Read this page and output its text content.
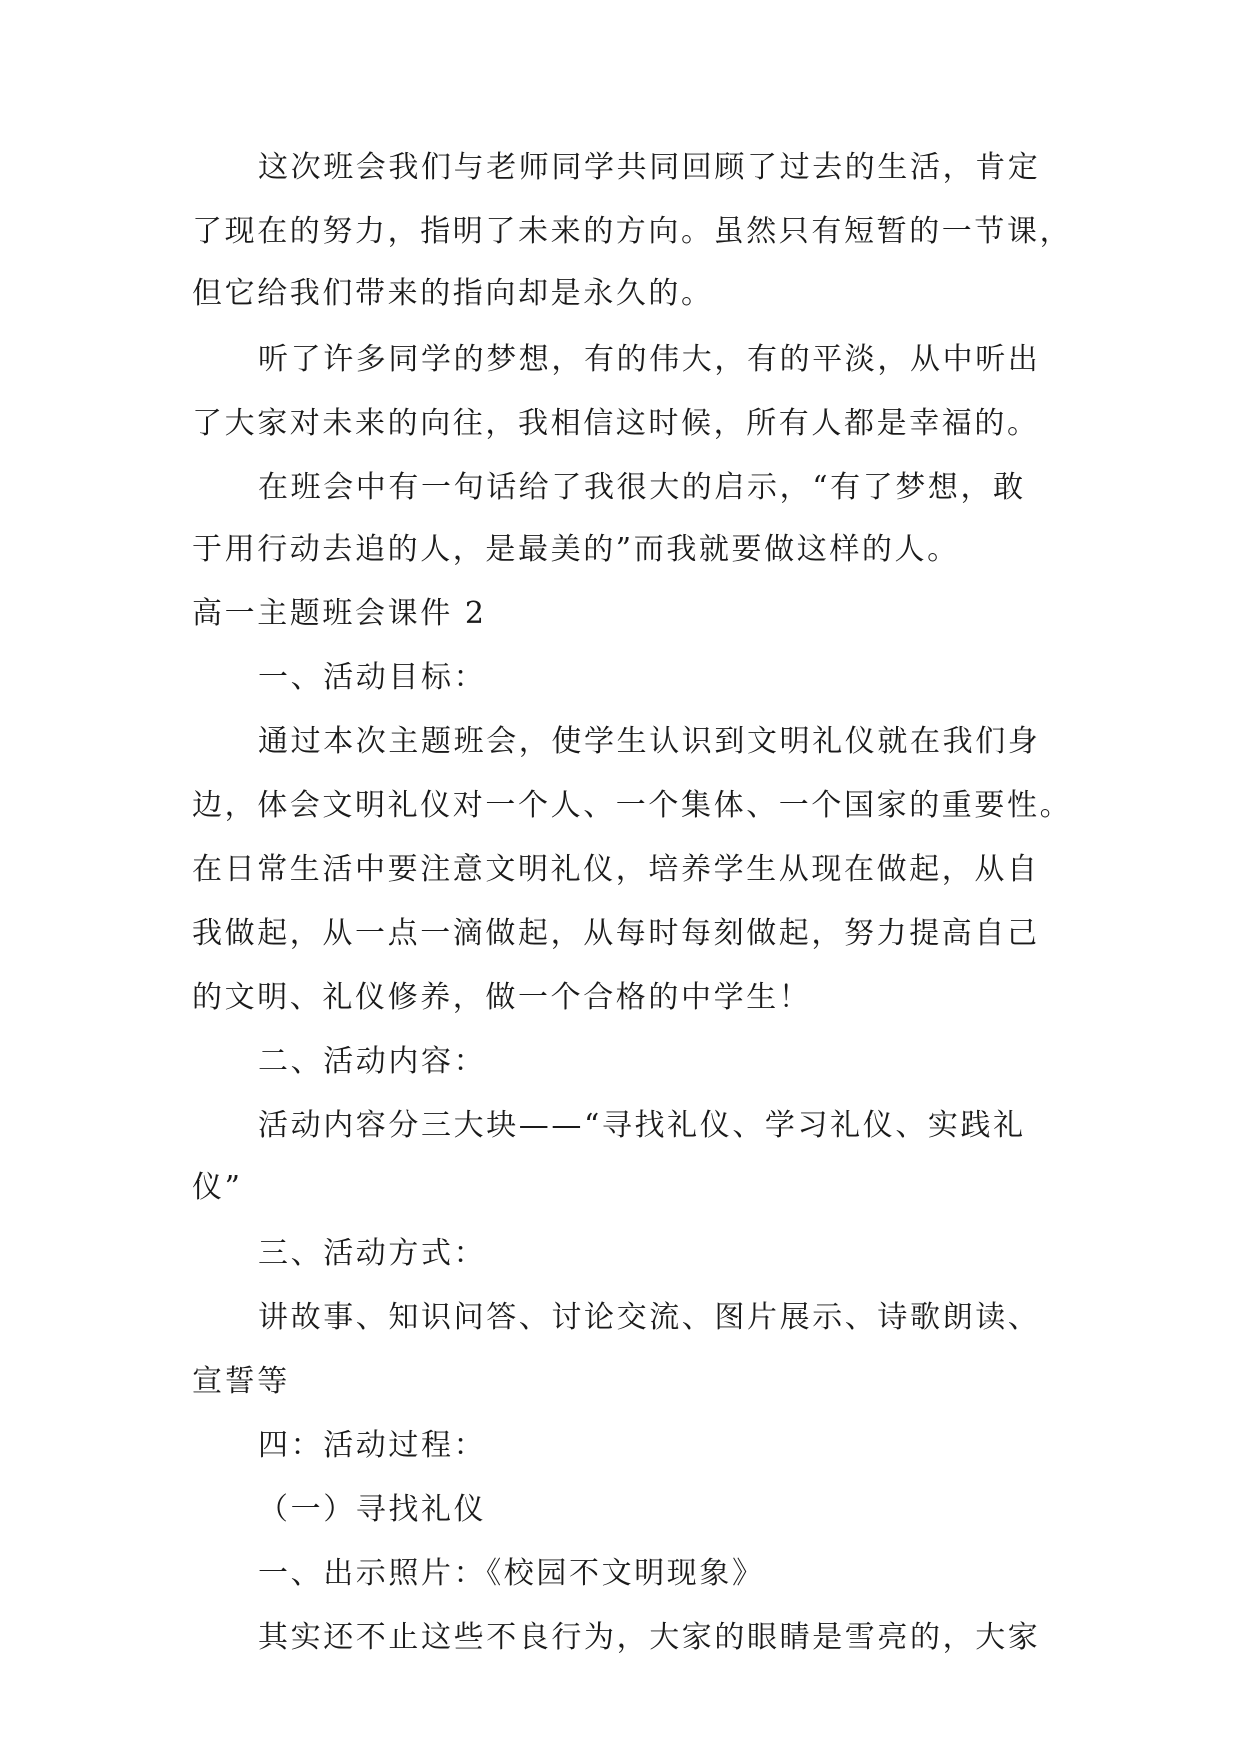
这次班会我们与老师同学共同回顾了过去的生活，肯定
了现在的努力，指明了未来的方向。虽然只有短暂的一节课，
但它给我们带来的指向却是永久的。
听了许多同学的梦想，有的伟大，有的平淡，从中听出
了大家对未来的向往，我相信这时候，所有人都是幸福的。
在班会中有一句话给了我很大的启示，“有了梦想，敢
于用行动去追的人，是最美的”而我就要做这样的人。
高一主题班会课件 2
一、活动目标：
通过本次主题班会，使学生认识到文明礼仪就在我们身
边，体会文明礼仪对一个人、一个集体、一个国家的重要性。
在日常生活中要注意文明礼仪，培养学生从现在做起，从自
我做起，从一点一滴做起，从每时每刻做起，努力提高自己
的文明、礼仪修养，做一个合格的中学生！
二、活动内容：
活动内容分三大块——“寻找礼仪、学习礼仪、实践礼
仪”
三、活动方式：
讲故事、知识问答、讨论交流、图片展示、诗歌朗读、
宣誓等
四：活动过程：
（一）寻找礼仪
一、出示照片：《校园不文明现象》
其实还不止这些不良行为，大家的眼睛是雪亮的，大家
